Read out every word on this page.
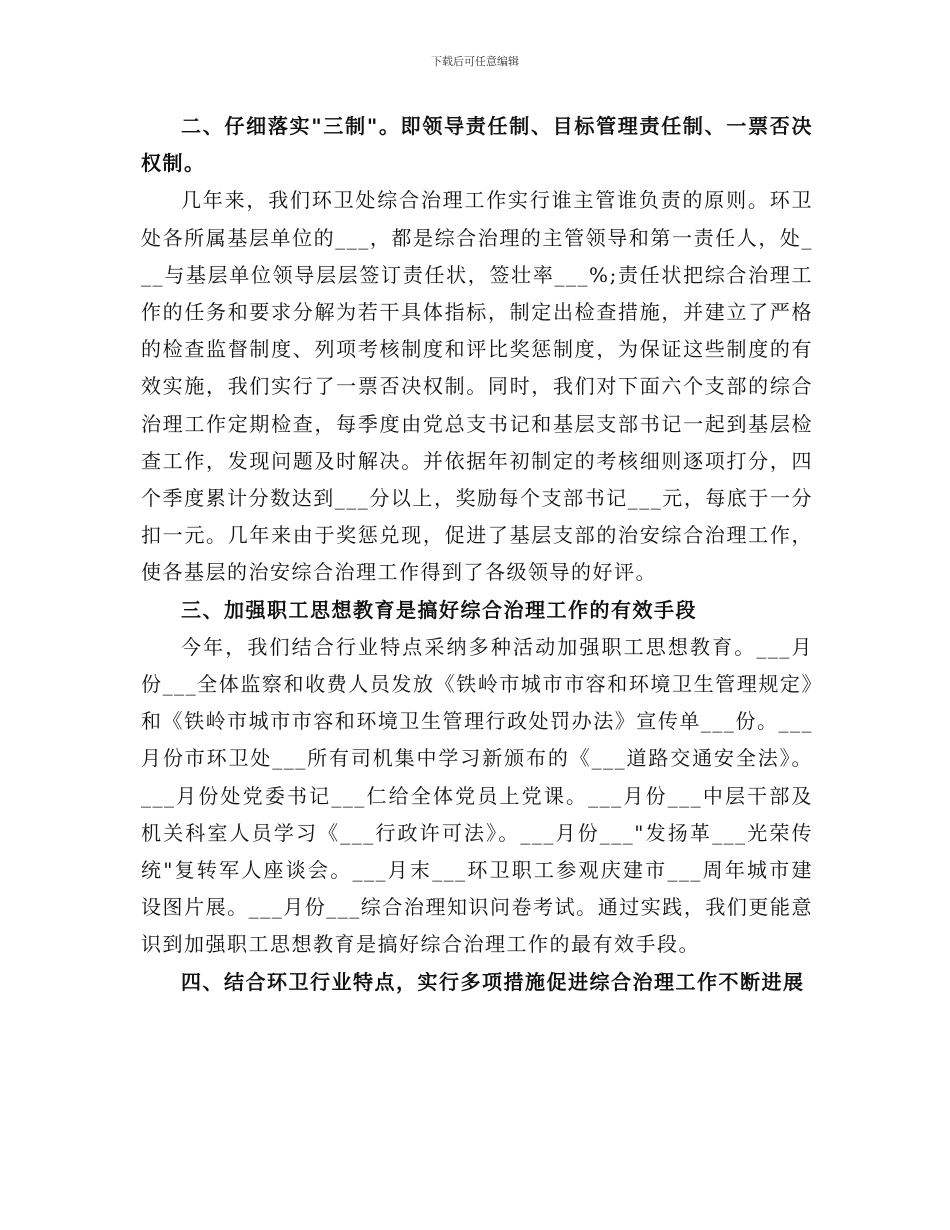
下载后可任意编辑

二、仔细落实"三制"。即领导责任制、目标管理责任制、一票否决权制。

几年来，我们环卫处综合治理工作实行谁主管谁负责的原则。环卫处各所属基层单位的___，都是综合治理的主管领导和第一责任人，处___与基层单位领导层层签订责任状，签壮率___%;责任状把综合治理工作的任务和要求分解为若干具体指标，制定出检查措施，并建立了严格的检查监督制度、列项考核制度和评比奖惩制度，为保证这些制度的有效实施，我们实行了一票否决权制。同时，我们对下面六个支部的综合治理工作定期检查，每季度由党总支书记和基层支部书记一起到基层检查工作，发现问题及时解决。并依据年初制定的考核细则逐项打分，四个季度累计分数达到___分以上，奖励每个支部书记___元，每底于一分扣一元。几年来由于奖惩兑现，促进了基层支部的治安综合治理工作，使各基层的治安综合治理工作得到了各级领导的好评。

三、加强职工思想教育是搞好综合治理工作的有效手段

今年，我们结合行业特点采纳多种活动加强职工思想教育。___月份___全体监察和收费人员发放《铁岭市城市市容和环境卫生管理规定》和《铁岭市城市市容和环境卫生管理行政处罚办法》宣传单___份。___月份市环卫处___所有司机集中学习新颁布的《___道路交通安全法》。___月份处党委书记___仁给全体党员上党课。___月份___中层干部及机关科室人员学习《___行政许可法》。___月份___"发扬革___光荣传统"复转军人座谈会。___月末___环卫职工参观庆建市___周年城市建设图片展。___月份___综合治理知识问卷考试。通过实践，我们更能意识到加强职工思想教育是搞好综合治理工作的最有效手段。

四、结合环卫行业特点，实行多项措施促进综合治理工作不断进展
